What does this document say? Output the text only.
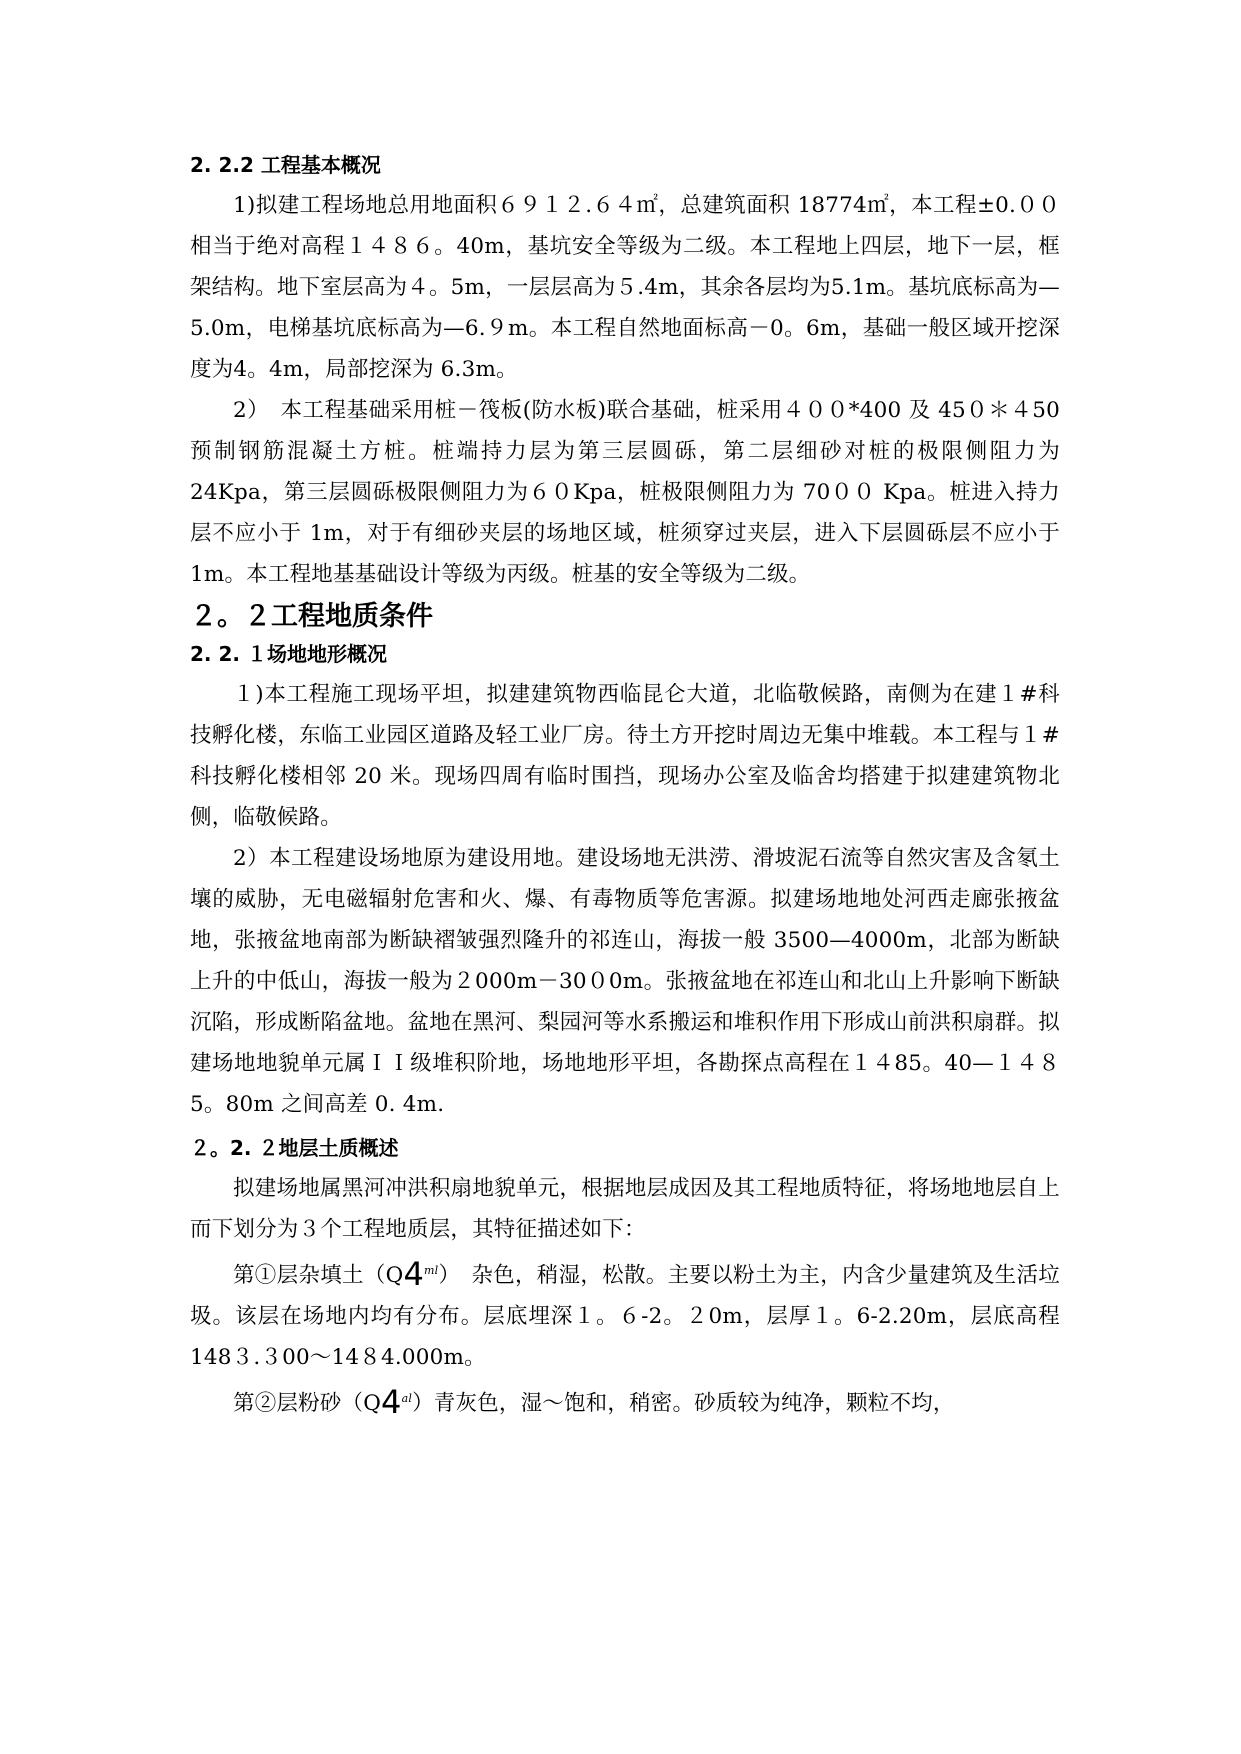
2. 2.2 工程基本概况

1)拟建工程场地总用地面积６９１２.６４㎡，总建筑面积 18774㎡，本工程±0.００相当于绝对高程１４８６。40m，基坑安全等级为二级。本工程地上四层，地下一层，框架结构。地下室层高为４。5m，一层层高为５.4m，其余各层均为5.1m。基坑底标高为—5.0m，电梯基坑底标高为—6.９m。本工程自然地面标高－0。6m，基础一般区域开挖深度为4。4m，局部挖深为 6.3m。

2）　本工程基础采用桩－筏板(防水板)联合基础，桩采用４００*400 及 45０＊４50 预制钢筋混凝土方桩。桩端持力层为第三层圆砾，第二层细砂对桩的极限侧阻力为 24Kpa，第三层圆砾极限侧阻力为６０Kpa，桩极限侧阻力为 70００ Kpa。桩进入持力层不应小于 1m，对于有细砂夹层的场地区域，桩须穿过夹层，进入下层圆砾层不应小于 1m。本工程地基基础设计等级为丙级。桩基的安全等级为二级。

２。２工程地质条件
2. 2. １场地地形概况

１)本工程施工现场平坦，拟建建筑物西临昆仑大道，北临敬候路，南侧为在建１#科技孵化楼，东临工业园区道路及轻工业厂房。待土方开挖时周边无集中堆载。本工程与１#科技孵化楼相邻 20 米。现场四周有临时围挡，现场办公室及临舍均搭建于拟建建筑物北侧，临敬候路。

2）本工程建设场地原为建设用地。建设场地无洪涝、滑坡泥石流等自然灾害及含氡土壤的威胁，无电磁辐射危害和火、爆、有毒物质等危害源。拟建场地地处河西走廊张掖盆地，张掖盆地南部为断缺褶皱强烈隆升的祁连山，海拔一般 3500—4000m，北部为断缺上升的中低山，海拔一般为２000m－30０0m。张掖盆地在祁连山和北山上升影响下断缺沉陷，形成断陷盆地。盆地在黑河、梨园河等水系搬运和堆积作用下形成山前洪积扇群。拟建场地地貌单元属ＩＩ级堆积阶地，场地地形平坦，各勘探点高程在１４85。40—１４８5。80m 之间高差 0. 4m.

２。2. ２地层土质概述

拟建场地属黑河冲洪积扇地貌单元，根据地层成因及其工程地质特征，将场地地层自上而下划分为３个工程地质层，其特征描述如下：

第①层杂填土$(Q4^{ml})$　杂色，稍湿，松散。主要以粉土为主，内含少量建筑及生活垃圾。该层在场地内均有分布。层底埋深１。６-2。２0m，层厚１。6-2.20m，层底高程 148３.３00～14８4.000m。

第②层粉砂$(Q4^{al})$青灰色，湿～饱和，稍密。砂质较为纯净，颗粒不均，
